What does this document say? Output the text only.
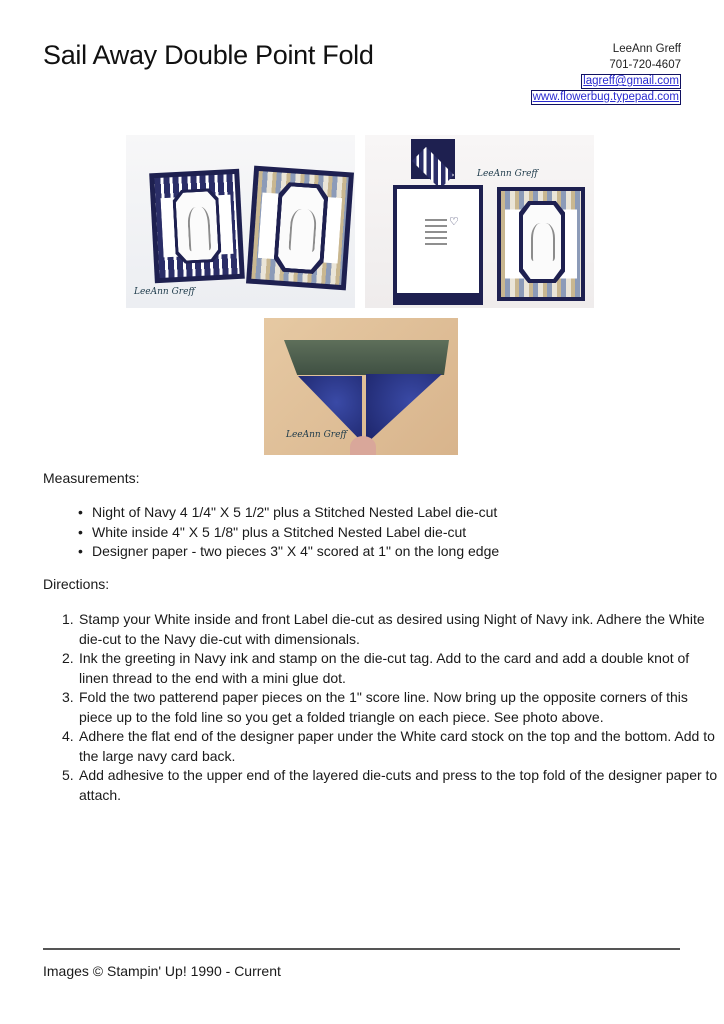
Sail Away Double Point Fold	LeeAnn Greff
701-720-4607
lagreff@gmail.com
www.flowerbug.typepad.com
LeeAnn Greff
♡
LeeAnn Greff
LeeAnn Greff
Measurements:
• Night of Navy 4 1/4" X 5 1/2" plus a Stitched Nested Label die-cut
• White inside 4" X 5 1/8" plus a Stitched Nested Label die-cut
• Designer paper - two pieces 3" X 4" scored at 1" on the long edge
Directions:
1. Stamp your White inside and front Label die-cut as desired using Night of Navy ink. Adhere the White die-cut to the Navy die-cut with dimensionals.
2. Ink the greeting in Navy ink and stamp on the die-cut tag. Add to the card and add a double knot of linen thread to the end with a mini glue dot.
3. Fold the two patterend paper pieces on the 1" score line. Now bring up the opposite corners of this piece up to the fold line so you get a folded triangle on each piece. See photo above.
4. Adhere the flat end of the designer paper under the White card stock on the top and the bottom. Add to the large navy card back.
5. Add adhesive to the upper end of the layered die-cuts and press to the top fold of the designer paper to attach.
Images © Stampin' Up! 1990 - Current
